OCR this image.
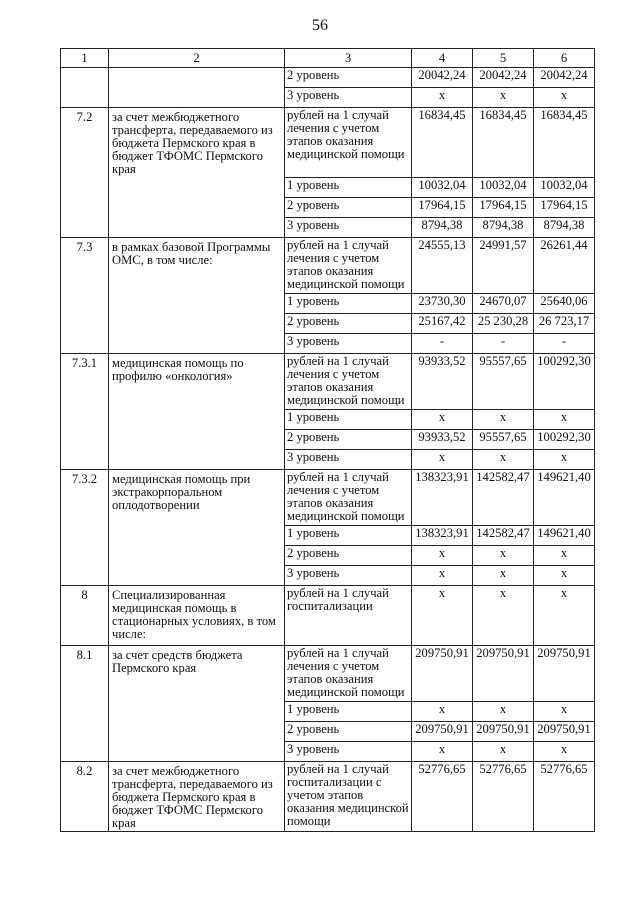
56
1	2	3	4	5	6
		2 уровень	20042,24	20042,24	20042,24
		3 уровень	х	х	х
7.2	за счет межбюджетного трансферта, передаваемого из бюджета Пермского края в бюджет ТФОМС Пермского края	рублей на 1 случай лечения с учетом этапов оказания медицинской помощи	16834,45	16834,45	16834,45
		1 уровень	10032,04	10032,04	10032,04
		2 уровень	17964,15	17964,15	17964,15
		3 уровень	8794,38	8794,38	8794,38
7.3	в рамках базовой Программы ОМС, в том числе:	рублей на 1 случай лечения с учетом этапов оказания медицинской помощи	24555,13	24991,57	26261,44
		1 уровень	23730,30	24670,07	25640,06
		2 уровень	25167,42	25 230,28	26 723,17
		3 уровень	-	-	-
7.3.1	медицинская помощь по профилю «онкология»	рублей на 1 случай лечения с учетом этапов оказания медицинской помощи	93933,52	95557,65	100292,30
		1 уровень	х	х	х
		2 уровень	93933,52	95557,65	100292,30
		3 уровень	х	х	х
7.3.2	медицинская помощь при экстракорпоральном оплодотворении	рублей на 1 случай лечения с учетом этапов оказания медицинской помощи	138323,91	142582,47	149621,40
		1 уровень	138323,91	142582,47	149621,40
		2 уровень	х	х	х
		3 уровень	х	х	х
8	Специализированная медицинская помощь в стационарных условиях, в том числе:	рублей на 1 случай госпитализации	х	х	х
8.1	за счет средств бюджета Пермского края	рублей на 1 случай лечения с учетом этапов оказания медицинской помощи	209750,91	209750,91	209750,91
		1 уровень	х	х	х
		2 уровень	209750,91	209750,91	209750,91
		3 уровень	х	х	х
8.2	за счет межбюджетного трансферта, передаваемого из бюджета Пермского края в бюджет ТФОМС Пермского края	рублей на 1 случай госпитализации с учетом этапов оказания медицинской помощи	52776,65	52776,65	52776,65
